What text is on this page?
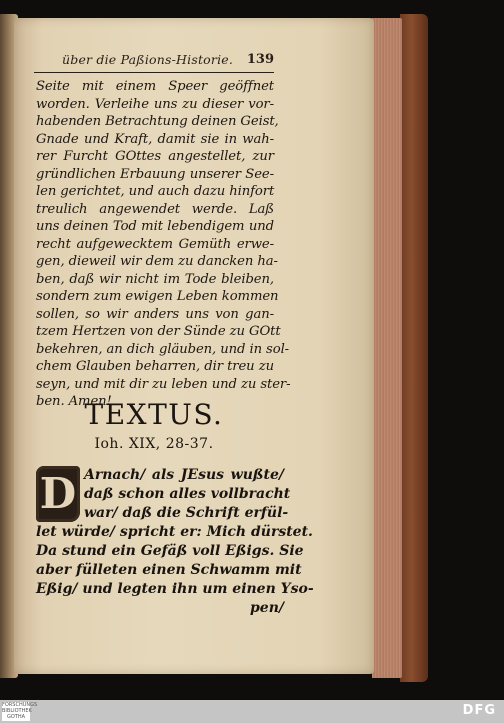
über die Paßions-Historie. 139
Seite mit einem Speer geöffnet
worden. Verleihe uns zu dieser vor-
habenden Betrachtung deinen Geist,
Gnade und Kraft, damit sie in wah-
rer Furcht GOttes angestellet, zur
gründlichen Erbauung unserer See-
len gerichtet, und auch dazu hinfort
treulich angewendet werde. Laß
uns deinen Tod mit lebendigem und
recht aufgewecktem Gemüth erwe-
gen, dieweil wir dem zu dancken ha-
ben, daß wir nicht im Tode bleiben,
sondern zum ewigen Leben kommen
sollen, so wir anders uns von gan-
tzem Hertzen von der Sünde zu GOtt
bekehren, an dich gläuben, und in sol-
chem Glauben beharren, dir treu zu
seyn, und mit dir zu leben und zu ster-
ben. Amen!
TEXTUS.
Ioh. XIX, 28-37.
D Arnach/ als JEsus wußte/
daß schon alles vollbracht
war/ daß die Schrift erfül-
let würde/ spricht er: Mich dürstet.
Da stund ein Gefäß voll Eßigs. Sie
aber fülleten einen Schwamm mit
Eßig/ und legten ihn um einen Yso-
pen/
FORSCHUNGS BIBLIOTHEK GOTHA	DFG
